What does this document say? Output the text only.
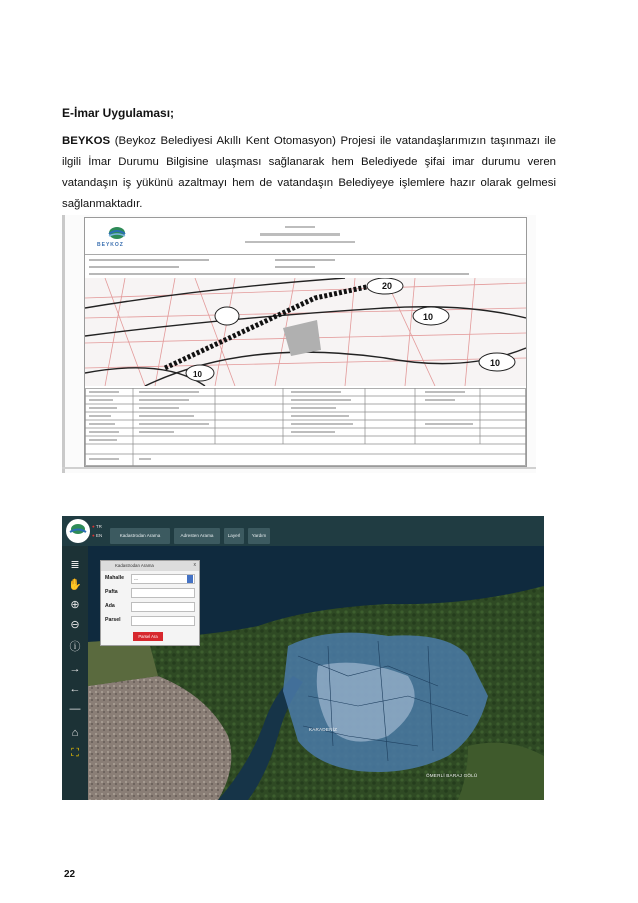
E-İmar Uygulaması;
BEYKOS (Beykoz Belediyesi Akıllı Kent Otomasyon) Projesi ile vatandaşlarımızın taşınmazı ile ilgili İmar Durumu Bilgisine ulaşması sağlanarak hem Belediyede şifai imar durumu veren vatandaşın iş yükünü azaltmayı hem de vatandaşın Belediyeye işlemlere hazır olarak gelmesi sağlanmaktadır.
BEYKOZ
20
10
10
10
● TR
● EN	Kadastrodan Arama	Adresten Arama	Layerl	Yardım
≣
✋
⊕
⊖
ⓘ
→
←
—
⌂
⛶
KARADENİZ
ÖMERLİ BARAJ GÖLÜ
Kadastrodan Arama	x
Mahalle	---
Pafta
Ada
Parsel
Parsel Ara
22
